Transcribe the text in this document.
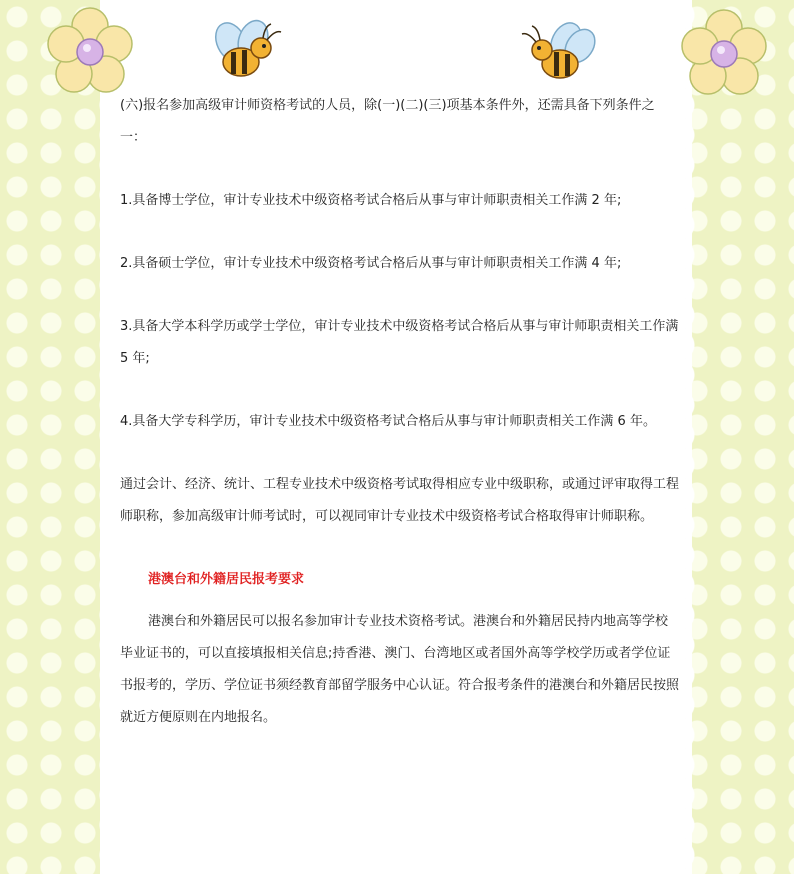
(六)报名参加高级审计师资格考试的人员，除(一)(二)(三)项基本条件外，还需具备下列条件之一：

1.具备博士学位，审计专业技术中级资格考试合格后从事与审计师职责相关工作满 2 年;

2.具备硕士学位，审计专业技术中级资格考试合格后从事与审计师职责相关工作满 4 年;

3.具备大学本科学历或学士学位，审计专业技术中级资格考试合格后从事与审计师职责相关工作满 5 年;

4.具备大学专科学历，审计专业技术中级资格考试合格后从事与审计师职责相关工作满 6 年。

通过会计、经济、统计、工程专业技术中级资格考试取得相应专业中级职称，或通过评审取得工程师职称，参加高级审计师考试时，可以视同审计专业技术中级资格考试合格取得审计师职称。

港澳台和外籍居民报考要求

港澳台和外籍居民可以报名参加审计专业技术资格考试。港澳台和外籍居民持内地高等学校毕业证书的，可以直接填报相关信息;持香港、澳门、台湾地区或者国外高等学校学历或者学位证书报考的，学历、学位证书须经教育部留学服务中心认证。符合报考条件的港澳台和外籍居民按照就近方便原则在内地报名。
